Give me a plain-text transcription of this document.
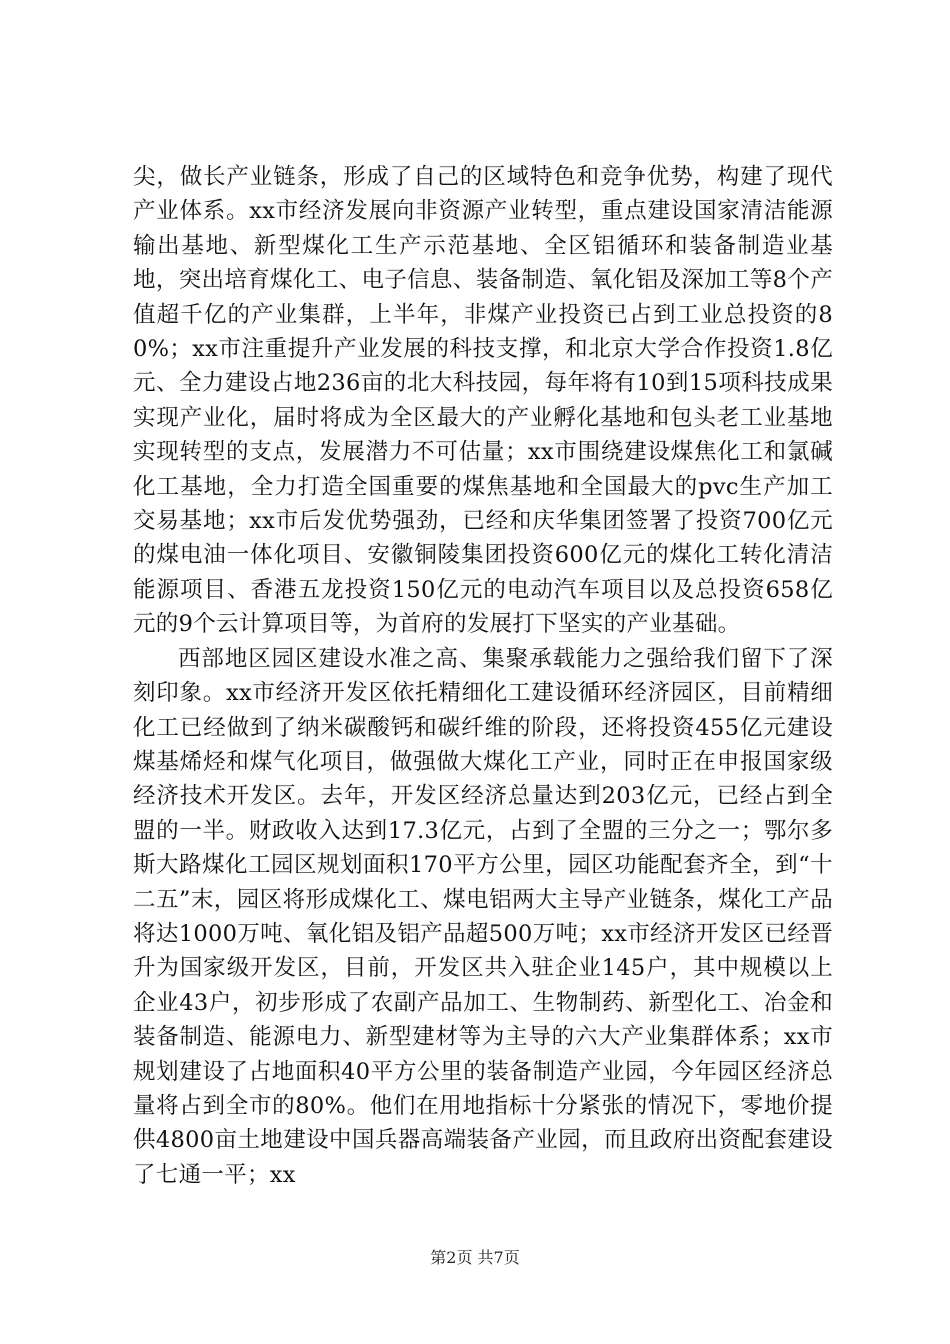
尖，做长产业链条，形成了自己的区域特色和竞争优势，构建了现代产业体系。xx市经济发展向非资源产业转型，重点建设国家清洁能源输出基地、新型煤化工生产示范基地、全区铝循环和装备制造业基地，突出培育煤化工、电子信息、装备制造、氧化铝及深加工等8个产值超千亿的产业集群，上半年，非煤产业投资已占到工业总投资的80%；xx市注重提升产业发展的科技支撑，和北京大学合作投资1.8亿元、全力建设占地236亩的北大科技园，每年将有10到15项科技成果实现产业化，届时将成为全区最大的产业孵化基地和包头老工业基地实现转型的支点，发展潜力不可估量；xx市围绕建设煤焦化工和氯碱化工基地，全力打造全国重要的煤焦基地和全国最大的pvc生产加工交易基地；xx市后发优势强劲，已经和庆华集团签署了投资700亿元的煤电油一体化项目、安徽铜陵集团投资600亿元的煤化工转化清洁能源项目、香港五龙投资150亿元的电动汽车项目以及总投资658亿元的9个云计算项目等，为首府的发展打下坚实的产业基础。

西部地区园区建设水准之高、集聚承载能力之强给我们留下了深刻印象。xx市经济开发区依托精细化工建设循环经济园区，目前精细化工已经做到了纳米碳酸钙和碳纤维的阶段，还将投资455亿元建设煤基烯烃和煤气化项目，做强做大煤化工产业，同时正在申报国家级经济技术开发区。去年，开发区经济总量达到203亿元，已经占到全盟的一半。财政收入达到17.3亿元，占到了全盟的三分之一；鄂尔多斯大路煤化工园区规划面积170平方公里，园区功能配套齐全，到“十二五”末，园区将形成煤化工、煤电铝两大主导产业链条，煤化工产品将达1000万吨、氧化铝及铝产品超500万吨；xx市经济开发区已经晋升为国家级开发区，目前，开发区共入驻企业145户，其中规模以上企业43户，初步形成了农副产品加工、生物制药、新型化工、冶金和装备制造、能源电力、新型建材等为主导的六大产业集群体系；xx市规划建设了占地面积40平方公里的装备制造产业园，今年园区经济总量将占到全市的80%。他们在用地指标十分紧张的情况下，零地价提供4800亩土地建设中国兵器高端装备产业园，而且政府出资配套建设了七通一平；xx

第2页 共7页
